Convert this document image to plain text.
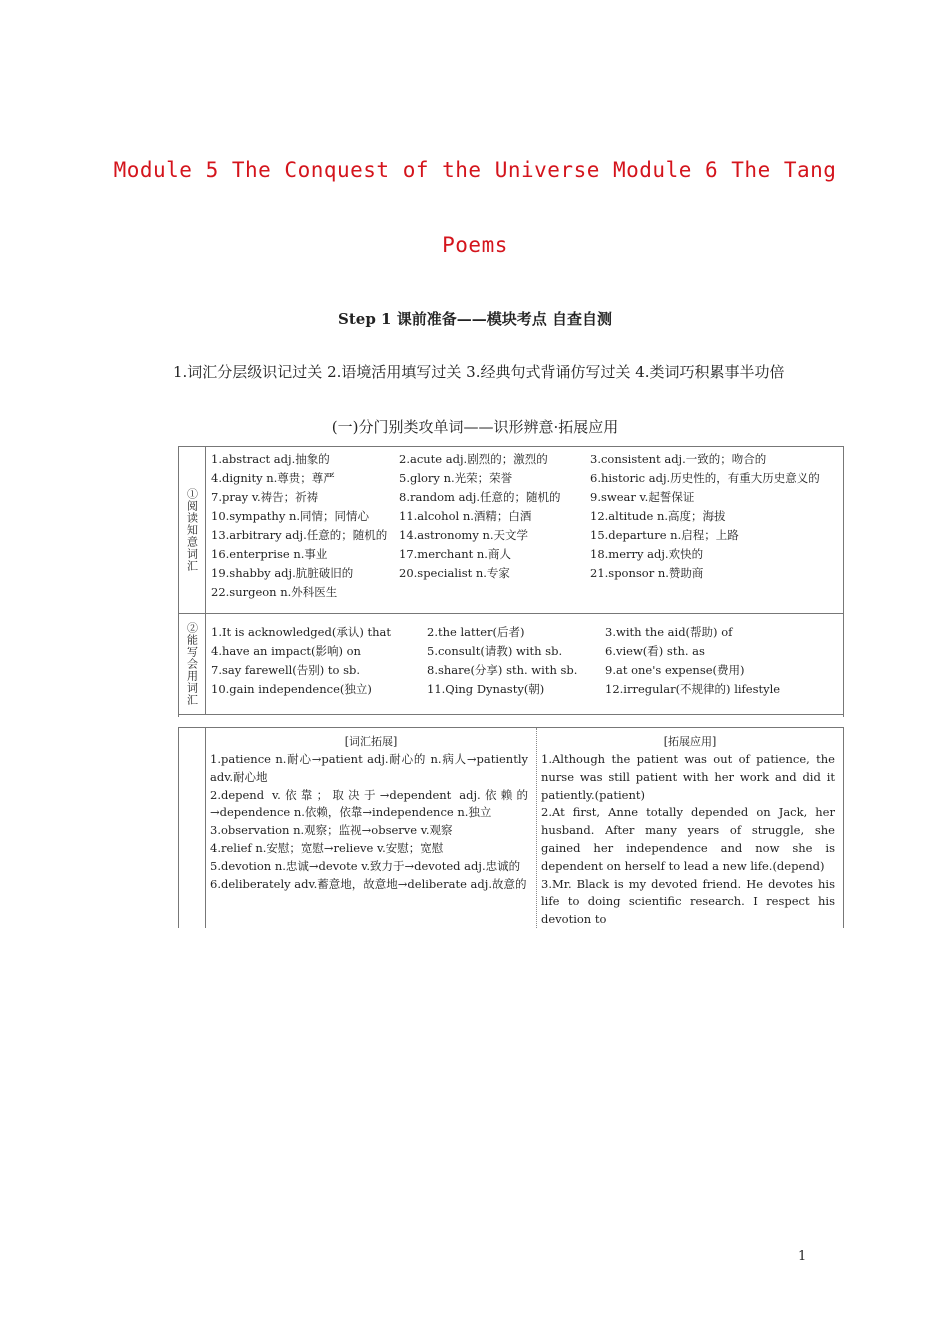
Module 5 The Conquest of the Universe Module 6 The Tang
Poems
Step 1 课前准备——模块考点 自查自测
1.词汇分层级识记过关 2.语境活用填写过关 3.经典句式背诵仿写过关 4.类词巧积累事半功倍
(一)分门别类攻单词——识形辨意·拓展应用
①阅读知意词汇
1.abstract adj.抽象的	2.acute adj.剧烈的；激烈的	3.consistent adj.一致的；吻合的
4.dignity n.尊贵；尊严	5.glory n.光荣；荣誉	6.historic adj.历史性的，有重大历史意义的
7.pray v.祷告；祈祷	8.random adj.任意的；随机的	9.swear v.起誓保证
10.sympathy n.同情；同情心	11.alcohol n.酒精；白酒	12.altitude n.高度；海拔
13.arbitrary adj.任意的；随机的 14.astronomy n.天文学	15.departure n.启程；上路
16.enterprise n.事业	17.merchant n.商人	18.merry adj.欢快的
19.shabby adj.肮脏破旧的	20.specialist n.专家	21.sponsor n.赞助商
22.surgeon n.外科医生
②能写会用词汇 1.It is acknowledged(承认) that	2.the latter(后者)	3.with the aid(帮助) of
4.have an impact(影响) on	5.consult(请教) with sb.	6.view(看) sth. as
7.say farewell(告别) to sb.	8.share(分享) sth. with sb. 9.at one's expense(费用)
10.gain independence(独立)	11.Qing Dynasty(朝)	12.irregular(不规律的) lifestyle
[词汇拓展]
1.patience n.耐心→patient adj.耐心的 n.病人→patiently adv.耐心地
2.depend v.依靠；取决于→dependent adj.依赖的→dependence n.依赖，依靠→independence n.独立
3.observation n.观察；监视→observe v.观察
4.relief n.安慰；宽慰→relieve v.安慰；宽慰
5.devotion n.忠诚→devote v.致力于→devoted adj.忠诚的
6.deliberately adv.蓄意地，故意地→deliberate adj.故意的
[拓展应用]
1.Although the patient was out of patience, the nurse was still patient with her work and did it patiently.(patient)
2.At first, Anne totally depended on Jack, her husband. After many years of struggle, she gained her independence and now she is dependent on herself to lead a new life.(depend)
3.Mr. Black is my devoted friend. He devotes his life to doing scientific research. I respect his devotion to
1
